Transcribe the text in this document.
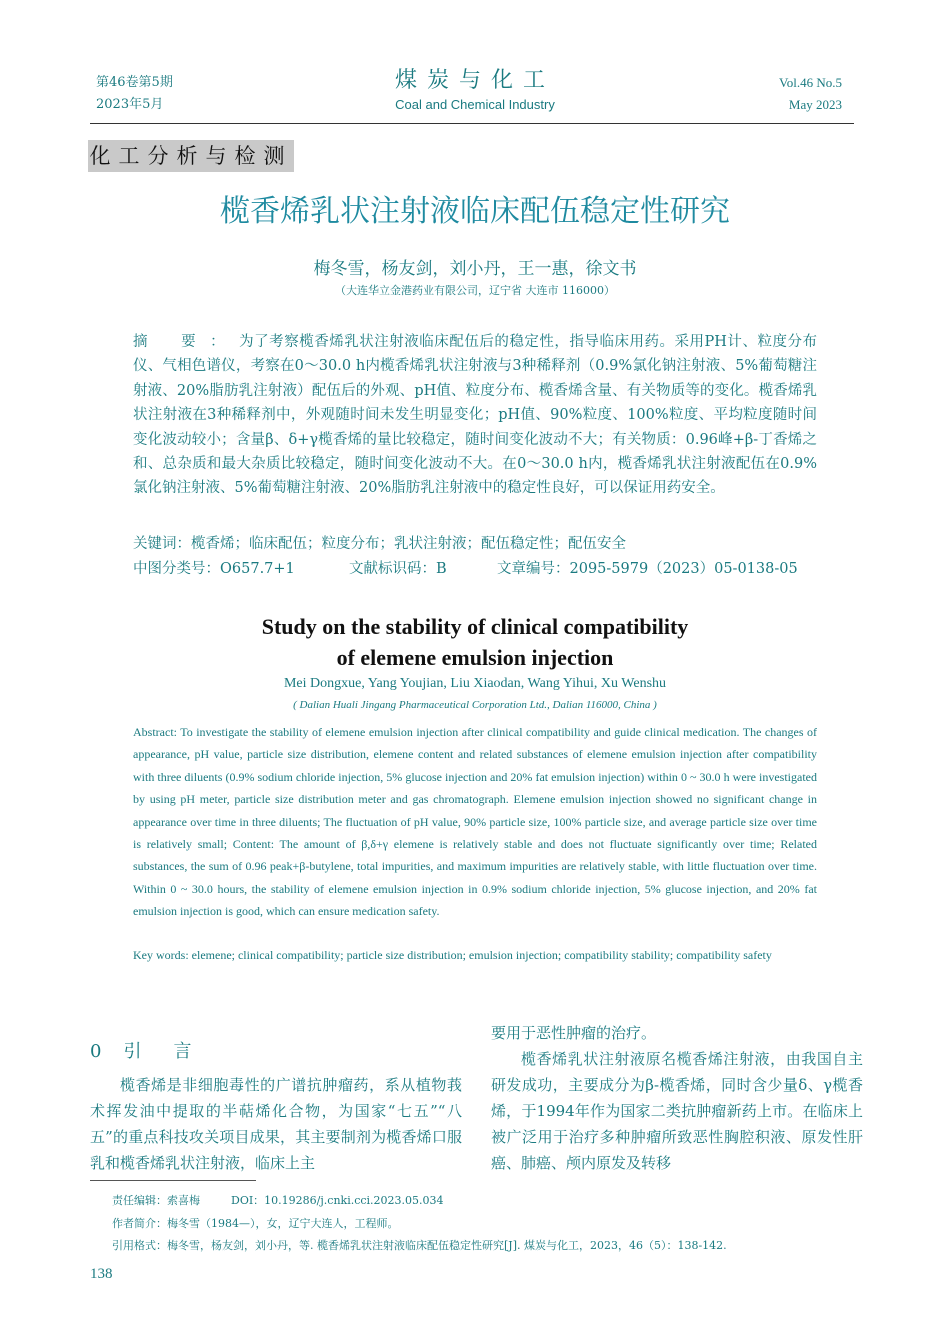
第46卷第5期
2023年5月
煤炭与化工
Coal and Chemical Industry
Vol.46 No.5
May 2023
化工分析与检测
榄香烯乳状注射液临床配伍稳定性研究
梅冬雪，杨友剑，刘小丹，王一惠，徐文书
（大连华立金港药业有限公司，辽宁省 大连市 116000）
摘 要：为了考察榄香烯乳状注射液临床配伍后的稳定性，指导临床用药。采用PH计、粒度分布仪、气相色谱仪，考察在0～30.0 h内榄香烯乳状注射液与3种稀释剂（0.9%氯化钠注射液、5%葡萄糖注射液、20%脂肪乳注射液）配伍后的外观、pH值、粒度分布、榄香烯含量、有关物质等的变化。榄香烯乳状注射液在3种稀释剂中，外观随时间未发生明显变化；pH值、90%粒度、100%粒度、平均粒度随时间变化波动较小；含量β、δ+γ榄香烯的量比较稳定，随时间变化波动不大；有关物质：0.96峰+β-丁香烯之和、总杂质和最大杂质比较稳定，随时间变化波动不大。在0～30.0 h内，榄香烯乳状注射液配伍在0.9%氯化钠注射液、5%葡萄糖注射液、20%脂肪乳注射液中的稳定性良好，可以保证用药安全。
关键词：榄香烯；临床配伍；粒度分布；乳状注射液；配伍稳定性；配伍安全
中图分类号：O657.7+1	文献标识码：B	文章编号：2095-5979（2023）05-0138-05
Study on the stability of clinical compatibility
of elemene emulsion injection
Mei Dongxue, Yang Youjian, Liu Xiaodan, Wang Yihui, Xu Wenshu
( Dalian Huali Jingang Pharmaceutical Corporation Ltd., Dalian 116000, China )
Abstract: To investigate the stability of elemene emulsion injection after clinical compatibility and guide clinical medication. The changes of appearance, pH value, particle size distribution, elemene content and related substances of elemene emulsion injection after compatibility with three diluents (0.9% sodium chloride injection, 5% glucose injection and 20% fat emulsion injection) within 0 ~ 30.0 h were investigated by using pH meter, particle size distribution meter and gas chromatograph. Elemene emulsion injection showed no significant change in appearance over time in three diluents; The fluctuation of pH value, 90% particle size, 100% particle size, and average particle size over time is relatively small; Content: The amount of β,δ+γ elemene is relatively stable and does not fluctuate significantly over time; Related substances, the sum of 0.96 peak+β-butylene, total impurities, and maximum impurities are relatively stable, with little fluctuation over time. Within 0 ~ 30.0 hours, the stability of elemene emulsion injection in 0.9% sodium chloride injection, 5% glucose injection, and 20% fat emulsion injection is good, which can ensure medication safety.
Key words: elemene; clinical compatibility; particle size distribution; emulsion injection; compatibility stability; compatibility safety
0 引 言
榄香烯是非细胞毒性的广谱抗肿瘤药，系从植物莪术挥发油中提取的半萜烯化合物，为国家“七五”“八五”的重点科技攻关项目成果，其主要制剂为榄香烯口服乳和榄香烯乳状注射液，临床上主
要用于恶性肿瘤的治疗。
榄香烯乳状注射液原名榄香烯注射液，由我国自主研发成功，主要成分为β-榄香烯，同时含少量δ、γ榄香烯，于1994年作为国家二类抗肿瘤新药上市。在临床上被广泛用于治疗多种肿瘤所致恶性胸腔积液、原发性肝癌、肺癌、颅内原发及转移
责任编辑：索喜梅	DOI：10.19286/j.cnki.cci.2023.05.034
作者简介：梅冬雪（1984—），女，辽宁大连人，工程师。
引用格式：梅冬雪，杨友剑，刘小丹，等. 榄香烯乳状注射液临床配伍稳定性研究[J]. 煤炭与化工，2023，46（5）：138-142.
138
